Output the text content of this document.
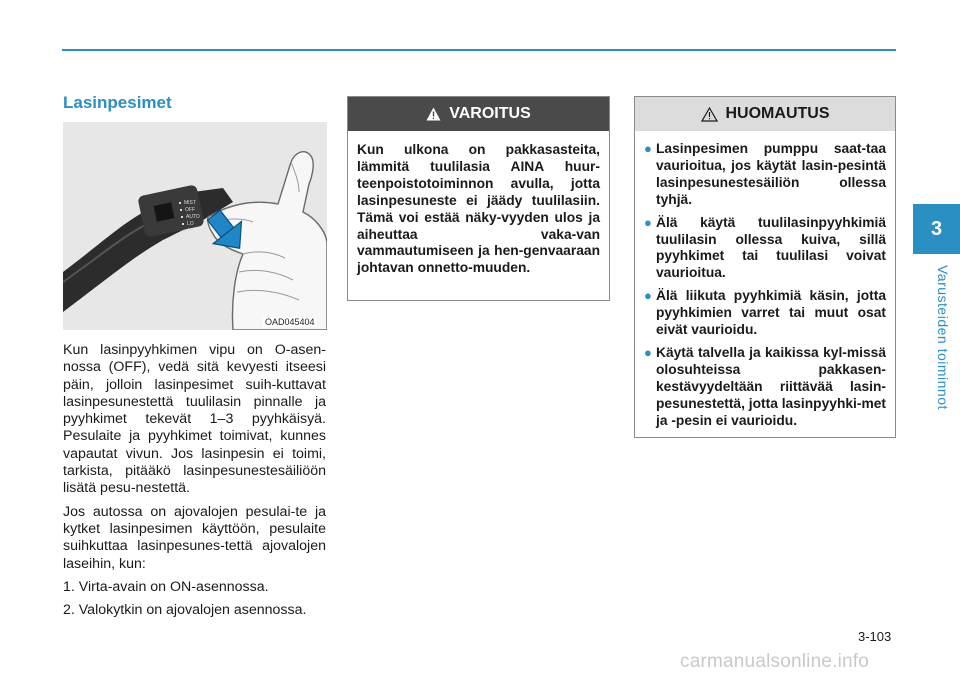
3
Varusteiden toiminnot
Lasinpesimet
MIST
OFF
AUTO
LO
HI
OAD045404

Kun lasinpyyhkimen vipu on O-asen-nossa (OFF), vedä sitä kevyesti itseesi päin, jolloin lasinpesimet suih-kuttavat lasinpesunestettä tuulilasin pinnalle ja pyyhkimet tekevät 1–3 pyyhkäisyä. Pesulaite ja pyyhkimet toimivat, kunnes vapautat vivun. Jos lasinpesin ei toimi, tarkista, pitääkö lasinpesunestesäiliöön lisätä pesu-nestettä.

Jos autossa on ajovalojen pesulai-te ja kytket lasinpesimen käyttöön, pesulaite suihkuttaa lasinpesunes-tettä ajovalojen laseihin, kun:

1. Virta-avain on ON-asennossa.

2. Valokytkin on ajovalojen asennossa.

VAROITUS
Kun ulkona on pakkasasteita, lämmitä tuulilasia AINA huur-teenpoistotoiminnon avulla, jotta lasinpesuneste ei jäädy tuulilasiin. Tämä voi estää näky-vyyden ulos ja aiheuttaa vaka-van vammautumiseen ja hen-genvaaraan johtavan onnetto-muuden.
HUOMAUTUS
● Lasinpesimen pumppu saat-taa vaurioitua, jos käytät lasin-pesintä lasinpesunestesäiliön ollessa tyhjä.
● Älä käytä tuulilasinpyyhkimiä tuulilasin ollessa kuiva, sillä pyyhkimet tai tuulilasi voivat vaurioitua.
● Älä liikuta pyyhkimiä käsin, jotta pyyhkimien varret tai muut osat eivät vaurioidu.
● Käytä talvella ja kaikissa kyl-missä olosuhteissa pakkasen-kestävyydeltään riittävää lasin-pesunestettä, jotta lasinpyyhki-met ja -pesin ei vaurioidu.
3-103
carmanualsonline.info
